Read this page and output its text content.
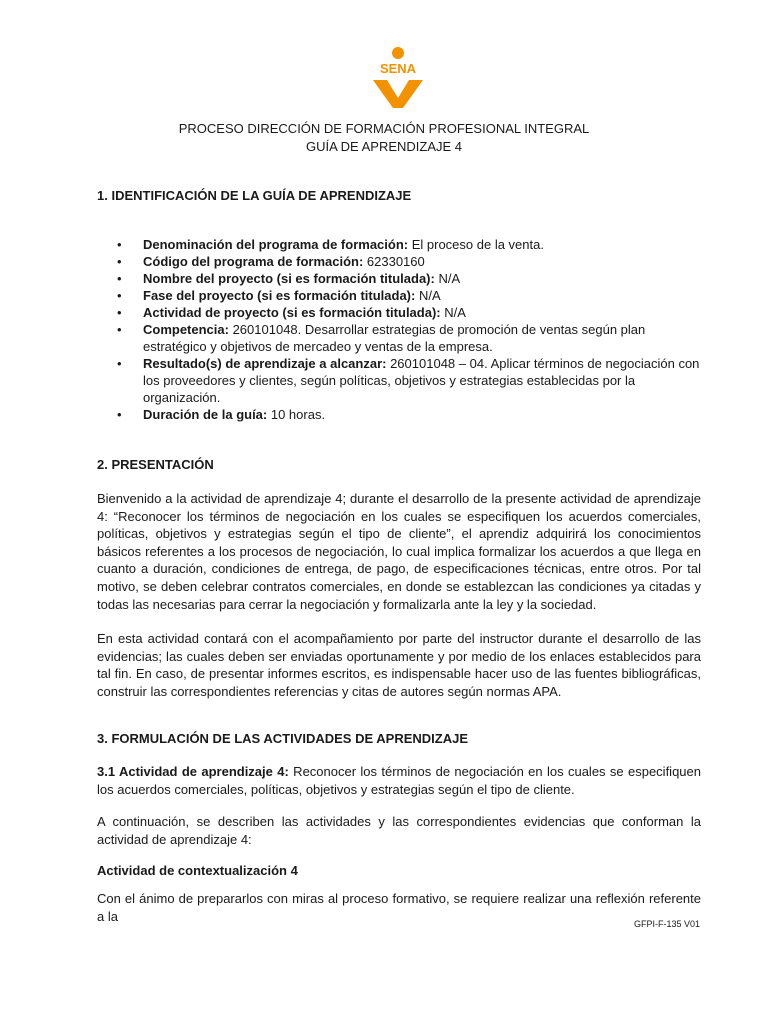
SENA
PROCESO DIRECCIÓN DE FORMACIÓN PROFESIONAL INTEGRAL
GUÍA DE APRENDIZAJE 4
1. IDENTIFICACIÓN DE LA GUÍA DE APRENDIZAJE
• Denominación del programa de formación: El proceso de la venta.
• Código del programa de formación: 62330160
• Nombre del proyecto (si es formación titulada): N/A
• Fase del proyecto (si es formación titulada): N/A
• Actividad de proyecto (si es formación titulada): N/A
• Competencia: 260101048. Desarrollar estrategias de promoción de ventas según plan estratégico y objetivos de mercadeo y ventas de la empresa.
• Resultado(s) de aprendizaje a alcanzar: 260101048 – 04. Aplicar términos de negociación con los proveedores y clientes, según políticas, objetivos y estrategias establecidas por la organización.
• Duración de la guía: 10 horas.
2. PRESENTACIÓN
Bienvenido a la actividad de aprendizaje 4; durante el desarrollo de la presente actividad de aprendizaje 4: “Reconocer los términos de negociación en los cuales se especifiquen los acuerdos comerciales, políticas, objetivos y estrategias según el tipo de cliente”, el aprendiz adquirirá los conocimientos básicos referentes a los procesos de negociación, lo cual implica formalizar los acuerdos a que llega en cuanto a duración, condiciones de entrega, de pago, de especificaciones técnicas, entre otros. Por tal motivo, se deben celebrar contratos comerciales, en donde se establezcan las condiciones ya citadas y todas las necesarias para cerrar la negociación y formalizarla ante la ley y la sociedad.
En esta actividad contará con el acompañamiento por parte del instructor durante el desarrollo de las evidencias; las cuales deben ser enviadas oportunamente y por medio de los enlaces establecidos para tal fin. En caso, de presentar informes escritos, es indispensable hacer uso de las fuentes bibliográficas, construir las correspondientes referencias y citas de autores según normas APA.
3. FORMULACIÓN DE LAS ACTIVIDADES DE APRENDIZAJE
3.1 Actividad de aprendizaje 4: Reconocer los términos de negociación en los cuales se especifiquen los acuerdos comerciales, políticas, objetivos y estrategias según el tipo de cliente.
A continuación, se describen las actividades y las correspondientes evidencias que conforman la actividad de aprendizaje 4:
Actividad de contextualización 4
Con el ánimo de prepararlos con miras al proceso formativo, se requiere realizar una reflexión referente a la
GFPI-F-135 V01
